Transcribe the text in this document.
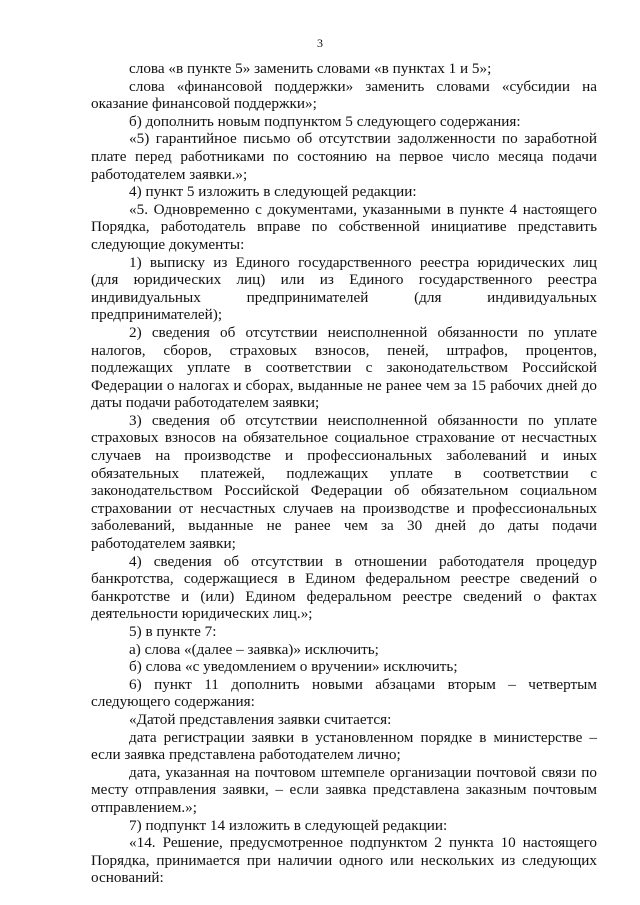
3

слова «в пункте 5» заменить словами «в пунктах 1 и 5»;

слова «финансовой поддержки» заменить словами «субсидии на оказание финансовой поддержки»;

б) дополнить новым подпунктом 5 следующего содержания:

«5) гарантийное письмо об отсутствии задолженности по заработной плате перед работниками по состоянию на первое число месяца подачи работодателем заявки.»;

4) пункт 5 изложить в следующей редакции:

«5. Одновременно с документами, указанными в пункте 4 настоящего Порядка, работодатель вправе по собственной инициативе представить следующие документы:

1) выписку из Единого государственного реестра юридических лиц (для юридических лиц) или из Единого государственного реестра индивидуальных предпринимателей (для индивидуальных предпринимателей);

2) сведения об отсутствии неисполненной обязанности по уплате налогов, сборов, страховых взносов, пеней, штрафов, процентов, подлежащих уплате в соответствии с законодательством Российской Федерации о налогах и сборах, выданные не ранее чем за 15 рабочих дней до даты подачи работодателем заявки;

3) сведения об отсутствии неисполненной обязанности по уплате страховых взносов на обязательное социальное страхование от несчастных случаев на производстве и профессиональных заболеваний и иных обязательных платежей, подлежащих уплате в соответствии с законодательством Российской Федерации об обязательном социальном страховании от несчастных случаев на производстве и профессиональных заболеваний, выданные не ранее чем за 30 дней до даты подачи работодателем заявки;

4) сведения об отсутствии в отношении работодателя процедур банкротства, содержащиеся в Едином федеральном реестре сведений о банкротстве и (или) Едином федеральном реестре сведений о фактах деятельности юридических лиц.»;

5) в пункте 7:

а) слова «(далее – заявка)» исключить;

б) слова «с уведомлением о вручении» исключить;

6) пункт 11 дополнить новыми абзацами вторым – четвертым следующего содержания:

«Датой представления заявки считается:

дата регистрации заявки в установленном порядке в министерстве – если заявка представлена работодателем лично;

дата, указанная на почтовом штемпеле организации почтовой связи по месту отправления заявки, – если заявка представлена заказным почтовым отправлением.»;

7) подпункт 14 изложить в следующей редакции:

«14. Решение, предусмотренное подпунктом 2 пункта 10 настоящего Порядка, принимается при наличии одного или нескольких из следующих оснований:
